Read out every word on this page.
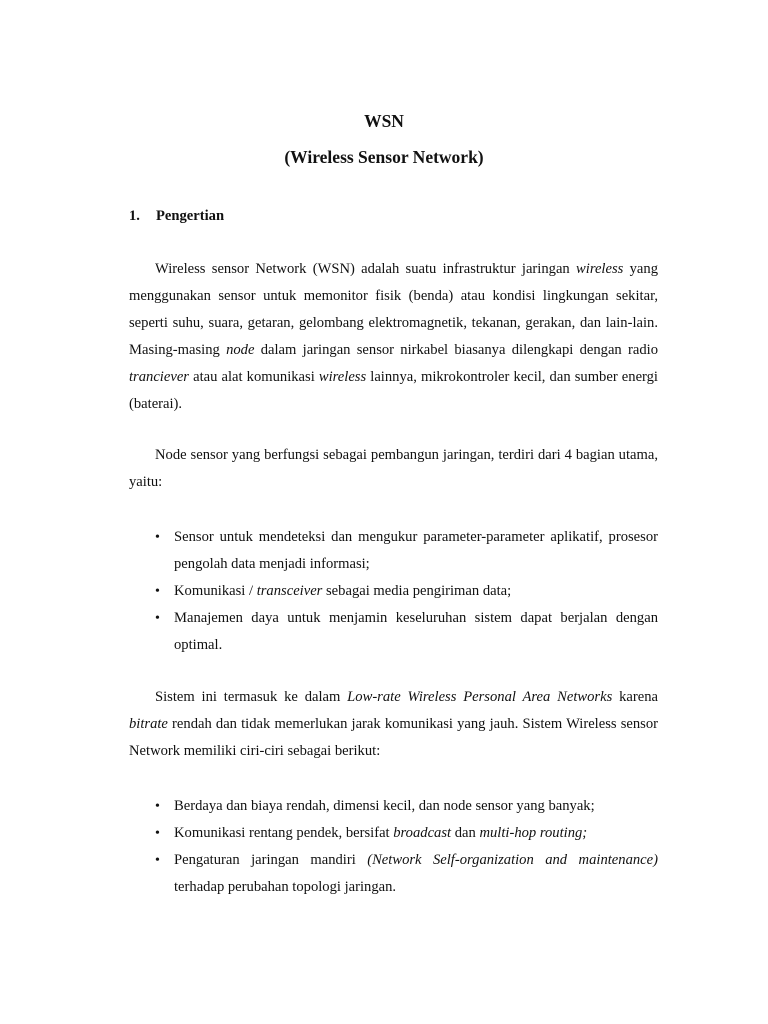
WSN
(Wireless Sensor Network)
1. Pengertian

Wireless sensor Network (WSN) adalah suatu infrastruktur jaringan wireless yang menggunakan sensor untuk memonitor fisik (benda) atau kondisi lingkungan sekitar, seperti suhu, suara, getaran, gelombang elektromagnetik, tekanan, gerakan, dan lain-lain. Masing-masing node dalam jaringan sensor nirkabel biasanya dilengkapi dengan radio tranciever atau alat komunikasi wireless lainnya, mikrokontroler kecil, dan sumber energi (baterai).

Node sensor yang berfungsi sebagai pembangun jaringan, terdiri dari 4 bagian utama, yaitu:

• Sensor untuk mendeteksi dan mengukur parameter-parameter aplikatif, prosesor pengolah data menjadi informasi;
• Komunikasi / transceiver sebagai media pengiriman data;
• Manajemen daya untuk menjamin keseluruhan sistem dapat berjalan dengan optimal.

Sistem ini termasuk ke dalam Low-rate Wireless Personal Area Networks karena bitrate rendah dan tidak memerlukan jarak komunikasi yang jauh. Sistem Wireless sensor Network memiliki ciri-ciri sebagai berikut:

• Berdaya dan biaya rendah, dimensi kecil, dan node sensor yang banyak;
• Komunikasi rentang pendek, bersifat broadcast dan multi-hop routing;
• Pengaturan jaringan mandiri (Network Self-organization and maintenance) terhadap perubahan topologi jaringan.
